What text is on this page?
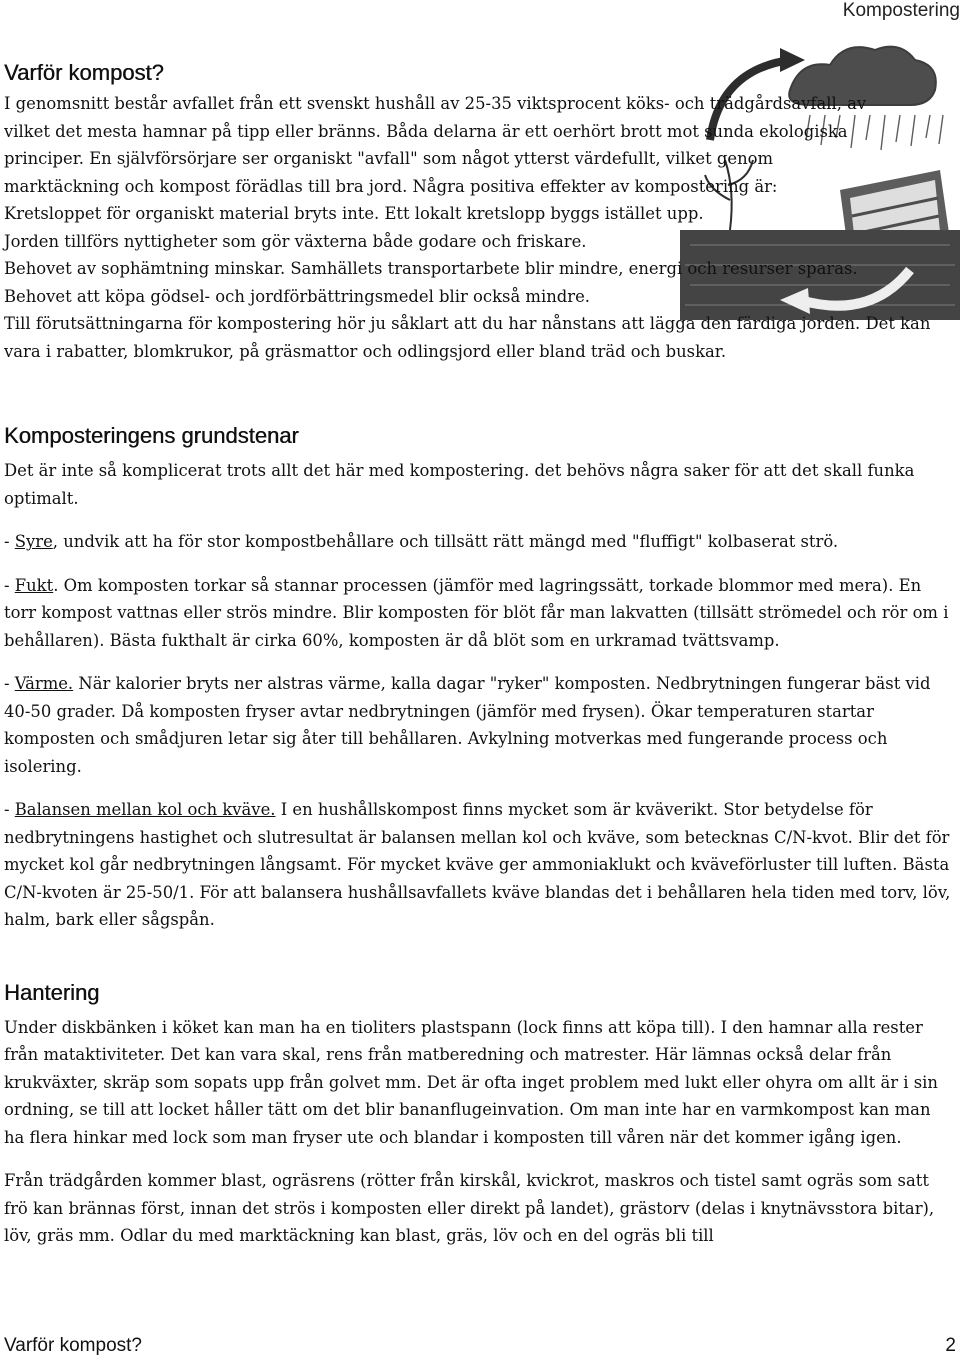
Kompostering
Varför kompost?

I genomsnitt består avfallet från ett svenskt hushåll av 25-35 viktsprocent köks- och trädgårdsavfall, av

vilket det mesta hamnar på tipp eller bränns. Båda delarna är ett oerhört brott mot sunda ekologiska

principer. En självförsörjare ser organiskt "avfall" som något ytterst värdefullt, vilket genom

marktäckning och kompost förädlas till bra jord. Några positiva effekter av kompostering är:

Kretsloppet för organiskt material bryts inte. Ett lokalt kretslopp byggs istället upp.

Jorden tillförs nyttigheter som gör växterna både godare och friskare.

Behovet av sophämtning minskar. Samhällets transportarbete blir mindre, energi och resurser sparas.

Behovet att köpa gödsel- och jordförbättringsmedel blir också mindre.

Till förutsättningarna för kompostering hör ju såklart att du har nånstans att lägga den färdiga jorden. Det kan vara i rabatter, blomkrukor, på gräsmattor och odlingsjord eller bland träd och buskar.

Komposteringens grundstenar

Det är inte så komplicerat trots allt det här med kompostering. det behövs några saker för att det skall funka optimalt.

- Syre, undvik att ha för stor kompostbehållare och tillsätt rätt mängd med "fluffigt" kolbaserat strö.

- Fukt. Om komposten torkar så stannar processen (jämför med lagringssätt, torkade blommor med mera). En torr kompost vattnas eller strös mindre. Blir komposten för blöt får man lakvatten (tillsätt strömedel och rör om i behållaren). Bästa fukthalt är cirka 60%, komposten är då blöt som en urkramad tvättsvamp.

- Värme. När kalorier bryts ner alstras värme, kalla dagar "ryker" komposten. Nedbrytningen fungerar bäst vid 40-50 grader. Då komposten fryser avtar nedbrytningen (jämför med frysen). Ökar temperaturen startar komposten och smådjuren letar sig åter till behållaren. Avkylning motverkas med fungerande process och isolering.

- Balansen mellan kol och kväve. I en hushållskompost finns mycket som är kväverikt. Stor betydelse för nedbrytningens hastighet och slutresultat är balansen mellan kol och kväve, som betecknas C/N-kvot. Blir det för mycket kol går nedbrytningen långsamt. För mycket kväve ger ammoniaklukt och kväveförluster till luften. Bästa C/N-kvoten är 25-50/1. För att balansera hushållsavfallets kväve blandas det i behållaren hela tiden med torv, löv, halm, bark eller sågspån.

Hantering

Under diskbänken i köket kan man ha en tioliters plastspann (lock finns att köpa till). I den hamnar alla rester från mataktiviteter. Det kan vara skal, rens från matberedning och matrester. Här lämnas också delar från krukväxter, skräp som sopats upp från golvet mm. Det är ofta inget problem med lukt eller ohyra om allt är i sin ordning, se till att locket håller tätt om det blir bananflugeinvation. Om man inte har en varmkompost kan man ha flera hinkar med lock som man fryser ute och blandar i komposten till våren när det kommer igång igen.

Från trädgården kommer blast, ogräsrens (rötter från kirskål, kvickrot, maskros och tistel samt ogräs som satt frö kan brännas först, innan det strös i komposten eller direkt på landet), grästorv (delas i knytnävsstora bitar), löv, gräs mm. Odlar du med marktäckning kan blast, gräs, löv och en del ogräs bli till

Varför kompost?	2
